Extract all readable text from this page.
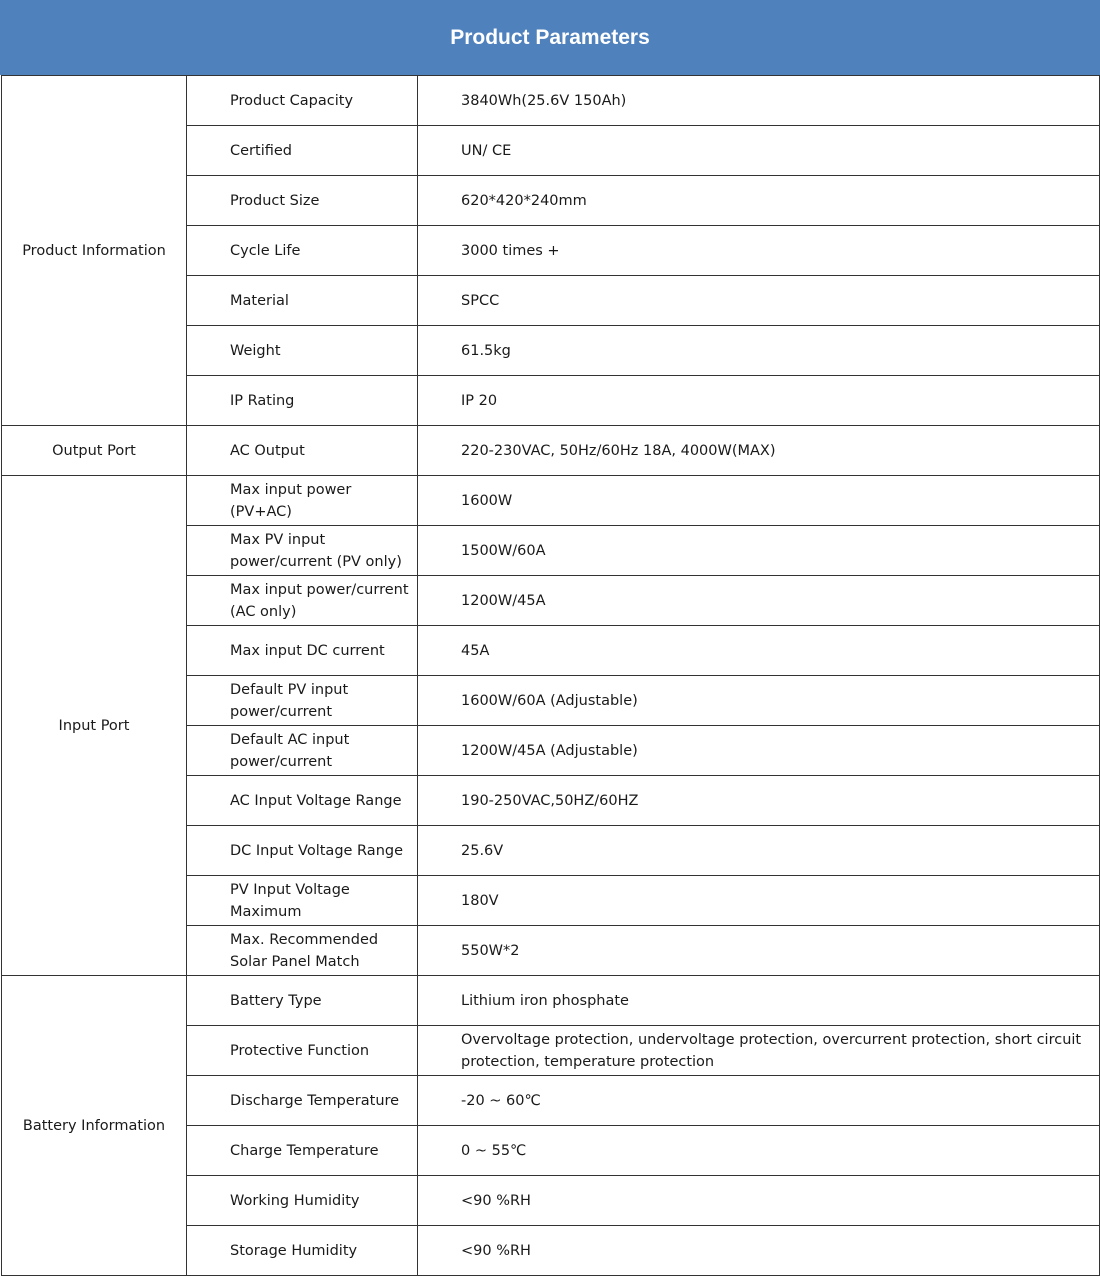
Product Parameters
Product Information	Product Capacity	3840Wh(25.6V 150Ah)
	Certified	UN/ CE
	Product Size	620*420*240mm
	Cycle Life	3000 times +
	Material	SPCC
	Weight	61.5kg
	IP Rating	IP 20
Output Port	AC Output	220-230VAC, 50Hz/60Hz 18A, 4000W(MAX)
Input Port	Max input power (PV+AC)	1600W
	Max PV input power/current (PV only)	1500W/60A
	Max input power/current (AC only)	1200W/45A
	Max input DC current	45A
	Default PV input power/current	1600W/60A (Adjustable)
	Default AC input power/current	1200W/45A (Adjustable)
	AC Input Voltage Range	190-250VAC,50HZ/60HZ
	DC Input Voltage Range	25.6V
	PV Input Voltage Maximum	180V
	Max. Recommended Solar Panel Match	550W*2
Battery Information	Battery Type	Lithium iron phosphate
	Protective Function	Overvoltage protection, undervoltage protection, overcurrent protection, short circuit protection, temperature protection
	Discharge Temperature	-20 ~ 60℃
	Charge Temperature	0 ~ 55℃
	Working Humidity	<90 %RH
	Storage Humidity	<90 %RH
